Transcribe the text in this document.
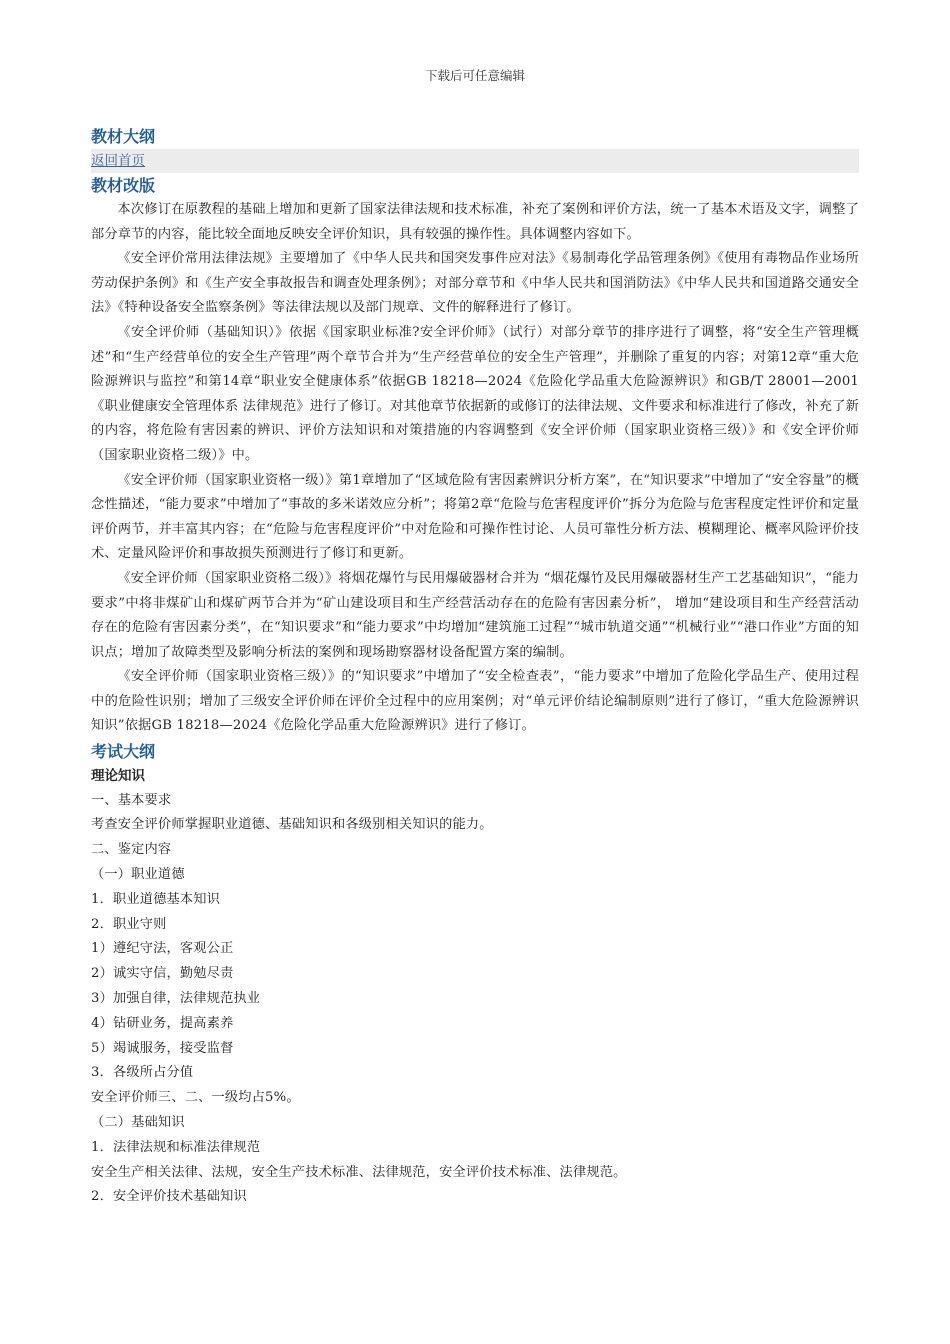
下载后可任意编辑
教材大纲
返回首页
教材改版

本次修订在原教程的基础上增加和更新了国家法律法规和技术标准，补充了案例和评价方法，统一了基本术语及文字，调整了部分章节的内容，能比较全面地反映安全评价知识，具有较强的操作性。具体调整内容如下。

《安全评价常用法律法规》主要增加了《中华人民共和国突发事件应对法》《易制毒化学品管理条例》《使用有毒物品作业场所劳动保护条例》和《生产安全事故报告和调查处理条例》；对部分章节和《中华人民共和国消防法》《中华人民共和国道路交通安全法》《特种设备安全监察条例》等法律法规以及部门规章、文件的解释进行了修订。

《安全评价师（基础知识）》依据《国家职业标准?安全评价师》（试行）对部分章节的排序进行了调整，将“安全生产管理概述”和“生产经营单位的安全生产管理”两个章节合并为“生产经营单位的安全生产管理”，并删除了重复的内容；对第12章“重大危险源辨识与监控”和第14章“职业安全健康体系”依据GB 18218—2024《危险化学品重大危险源辨识》和GB/T 28001—2001《职业健康安全管理体系 法律规范》进行了修订。对其他章节依据新的或修订的法律法规、文件要求和标准进行了修改，补充了新的内容，将危险有害因素的辨识、评价方法知识和对策措施的内容调整到《安全评价师（国家职业资格三级）》和《安全评价师（国家职业资格二级）》中。

《安全评价师（国家职业资格一级）》第1章增加了“区域危险有害因素辨识分析方案”，在“知识要求”中增加了“安全容量”的概念性描述，“能力要求”中增加了“事故的多米诺效应分析”；将第2章“危险与危害程度评价”拆分为危险与危害程度定性评价和定量评价两节，并丰富其内容；在“危险与危害程度评价”中对危险和可操作性讨论、人员可靠性分析方法、模糊理论、概率风险评价技术、定量风险评价和事故损失预测进行了修订和更新。

《安全评价师（国家职业资格二级）》将烟花爆竹与民用爆破器材合并为 “烟花爆竹及民用爆破器材生产工艺基础知识”，“能力要求”中将非煤矿山和煤矿两节合并为“矿山建设项目和生产经营活动存在的危险有害因素分析”， 增加“建设项目和生产经营活动存在的危险有害因素分类”，在“知识要求”和“能力要求”中均增加“建筑施工过程”“城市轨道交通”“机械行业”“港口作业”方面的知识点；增加了故障类型及影响分析法的案例和现场勘察器材设备配置方案的编制。

《安全评价师（国家职业资格三级）》的“知识要求”中增加了“安全检查表”，“能力要求”中增加了危险化学品生产、使用过程中的危险性识别；增加了三级安全评价师在评价全过程中的应用案例；对“单元评价结论编制原则”进行了修订，“重大危险源辨识知识”依据GB 18218—2024《危险化学品重大危险源辨识》进行了修订。

考试大纲

理论知识

一、基本要求

考查安全评价师掌握职业道德、基础知识和各级别相关知识的能力。

二、鉴定内容

（一）职业道德

1．职业道德基本知识

2．职业守则

1）遵纪守法，客观公正

2）诚实守信，勤勉尽责

3）加强自律，法律规范执业

4）钻研业务，提高素养

5）竭诚服务，接受监督

3．各级所占分值

安全评价师三、二、一级均占5%。

（二）基础知识

1．法律法规和标准法律规范

安全生产相关法律、法规，安全生产技术标准、法律规范，安全评价技术标准、法律规范。

2．安全评价技术基础知识
